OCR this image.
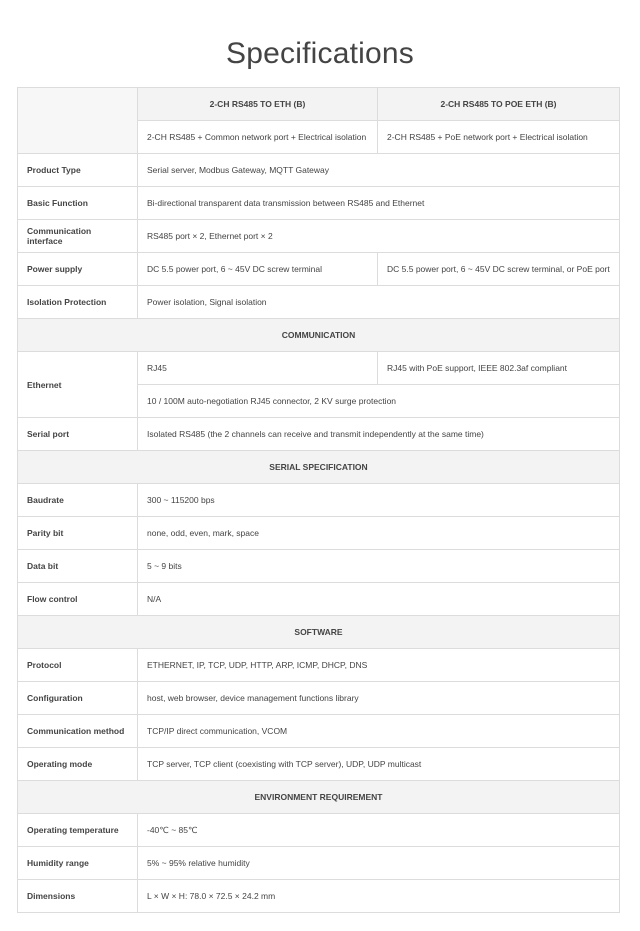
Specifications
	2-CH RS485 TO ETH (B)	2-CH RS485 TO POE ETH (B)
	2-CH RS485 + Common network port + Electrical isolation	2-CH RS485 + PoE network port + Electrical isolation
Product Type	Serial server, Modbus Gateway, MQTT Gateway	
Basic Function	Bi-directional transparent data transmission between RS485 and Ethernet	
Communication interface	RS485 port × 2, Ethernet port × 2	
Power supply	DC 5.5 power port, 6 ~ 45V DC screw terminal	DC 5.5 power port, 6 ~ 45V DC screw terminal, or PoE port
Isolation Protection	Power isolation, Signal isolation	
COMMUNICATION		
Ethernet	RJ45	RJ45 with PoE support, IEEE 802.3af compliant
	10 / 100M auto-negotiation RJ45 connector, 2 KV surge protection	
Serial port	Isolated RS485 (the 2 channels can receive and transmit independently at the same time)	
SERIAL SPECIFICATION		
Baudrate	300 ~ 115200 bps	
Parity bit	none, odd, even, mark, space	
Data bit	5 ~ 9 bits	
Flow control	N/A	
SOFTWARE		
Protocol	ETHERNET, IP, TCP, UDP, HTTP, ARP, ICMP, DHCP, DNS	
Configuration	host, web browser, device management functions library	
Communication method	TCP/IP direct communication, VCOM	
Operating mode	TCP server, TCP client (coexisting with TCP server), UDP, UDP multicast	
ENVIRONMENT REQUIREMENT		
Operating temperature	-40℃ ~ 85℃	
Humidity range	5% ~ 95% relative humidity	
Dimensions	L × W × H: 78.0 × 72.5 × 24.2 mm	
